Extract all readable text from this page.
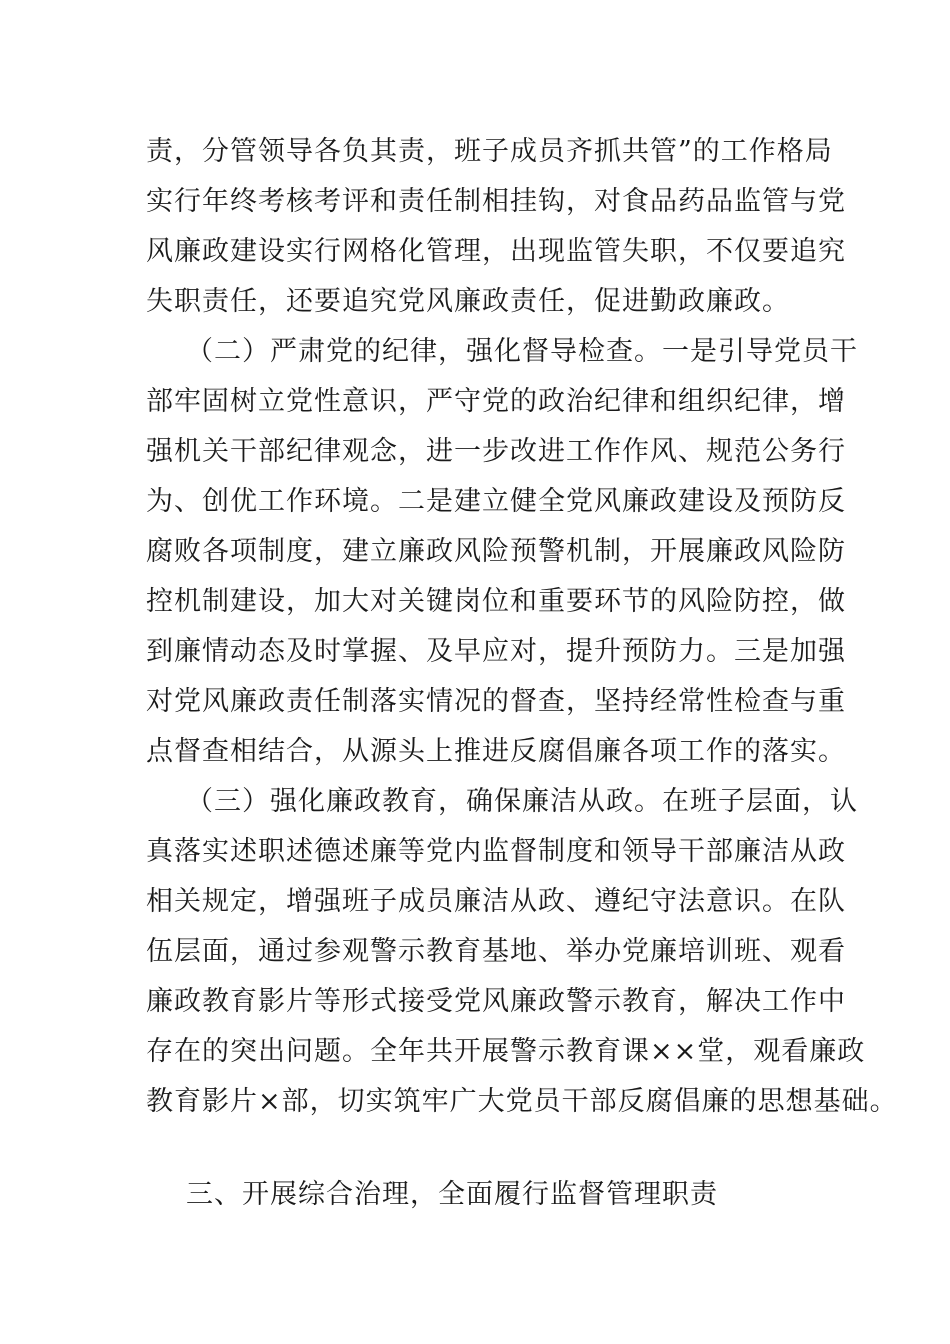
责，分管领导各负其责，班子成员齐抓共管”的工作格局
实行年终考核考评和责任制相挂钩，对食品药品监管与党
风廉政建设实行网格化管理，出现监管失职，不仅要追究
失职责任，还要追究党风廉政责任，促进勤政廉政。
（二）严肃党的纪律，强化督导检查。一是引导党员干
部牢固树立党性意识，严守党的政治纪律和组织纪律，增
强机关干部纪律观念，进一步改进工作作风、规范公务行
为、创优工作环境。二是建立健全党风廉政建设及预防反
腐败各项制度，建立廉政风险预警机制，开展廉政风险防
控机制建设，加大对关键岗位和重要环节的风险防控，做
到廉情动态及时掌握、及早应对，提升预防力。三是加强
对党风廉政责任制落实情况的督查，坚持经常性检查与重
点督查相结合，从源头上推进反腐倡廉各项工作的落实。
（三）强化廉政教育，确保廉洁从政。在班子层面，认
真落实述职述德述廉等党内监督制度和领导干部廉洁从政
相关规定，增强班子成员廉洁从政、遵纪守法意识。在队
伍层面，通过参观警示教育基地、举办党廉培训班、观看
廉政教育影片等形式接受党风廉政警示教育，解决工作中
存在的突出问题。全年共开展警示教育课××堂，观看廉政
教育影片×部，切实筑牢广大党员干部反腐倡廉的思想基础。
三、开展综合治理，全面履行监督管理职责
